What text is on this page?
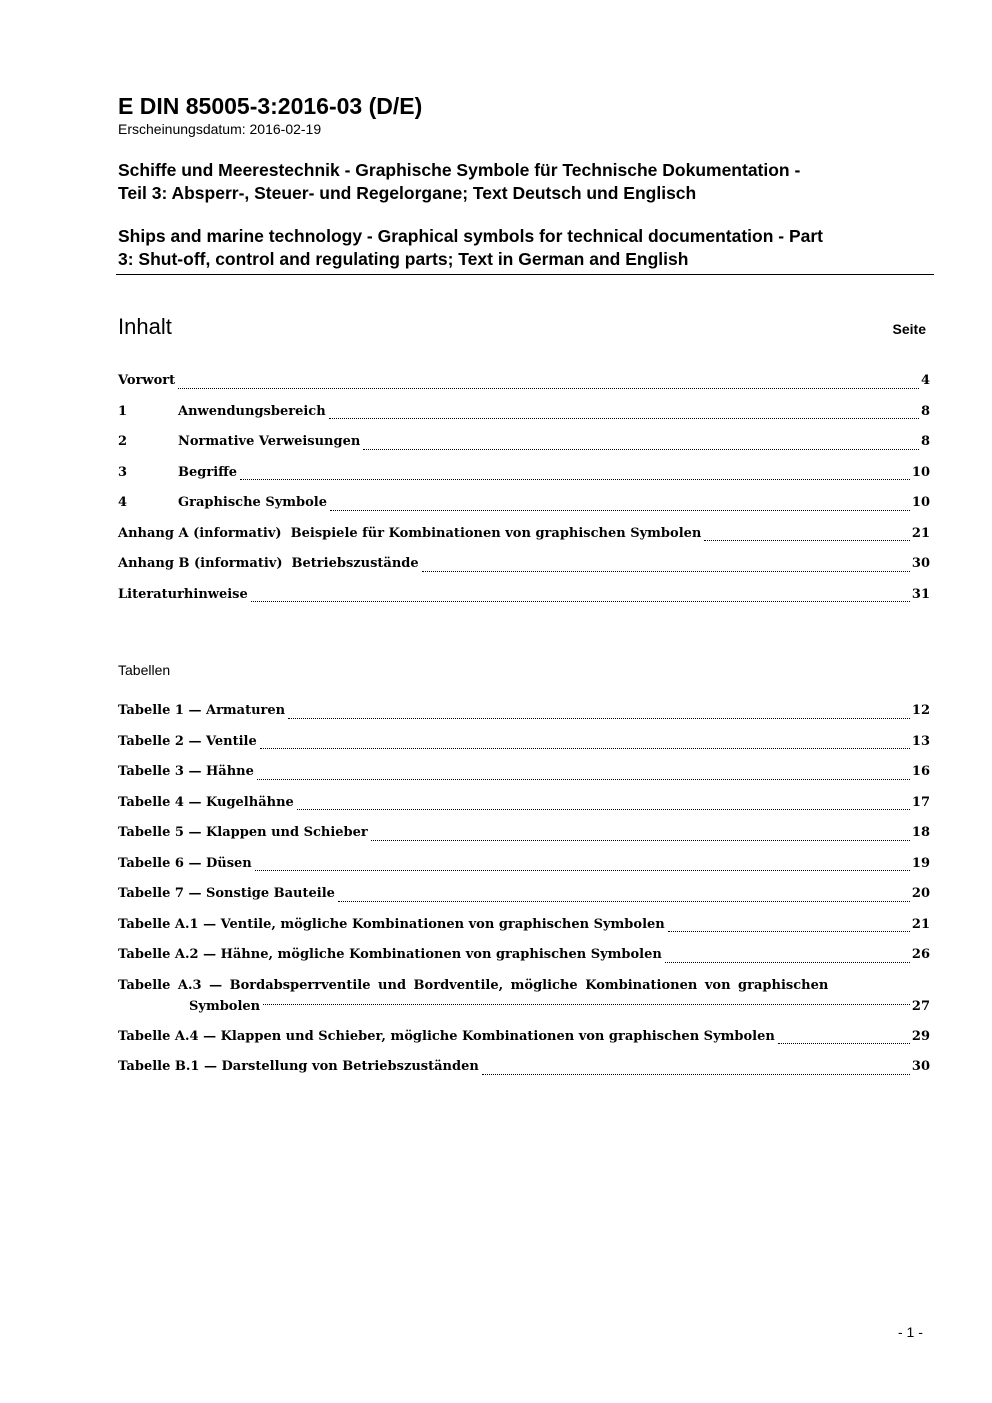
E DIN 85005-3:2016-03 (D/E)

Erscheinungsdatum: 2016-02-19

Schiffe und Meerestechnik - Graphische Symbole für Technische Dokumentation -
Teil 3: Absperr-, Steuer- und Regelorgane; Text Deutsch und Englisch
Ships and marine technology - Graphical symbols for technical documentation - Part
3: Shut-off, control and regulating parts; Text in German and English
Inhalt	Seite
Vorwort	4
1	Anwendungsbereich	8
2	Normative Verweisungen	8
3	Begriffe	10
4	Graphische Symbole	10
Anhang A (informativ)  Beispiele für Kombinationen von graphischen Symbolen	21
Anhang B (informativ)  Betriebszustände	30
Literaturhinweise	31
Tabellen
Tabelle 1 — Armaturen	12
Tabelle 2 — Ventile	13
Tabelle 3 — Hähne	16
Tabelle 4 — Kugelhähne	17
Tabelle 5 — Klappen und Schieber	18
Tabelle 6 — Düsen	19
Tabelle 7 — Sonstige Bauteile	20
Tabelle A.1 — Ventile, mögliche Kombinationen von graphischen Symbolen	21
Tabelle A.2 — Hähne, mögliche Kombinationen von graphischen Symbolen	26
Tabelle A.3 — Bordabsperrventile und Bordventile, mögliche Kombinationen von graphischen
Symbolen	27
Tabelle A.4 — Klappen und Schieber, mögliche Kombinationen von graphischen Symbolen	29
Tabelle B.1 — Darstellung von Betriebszuständen	30
- 1 -
